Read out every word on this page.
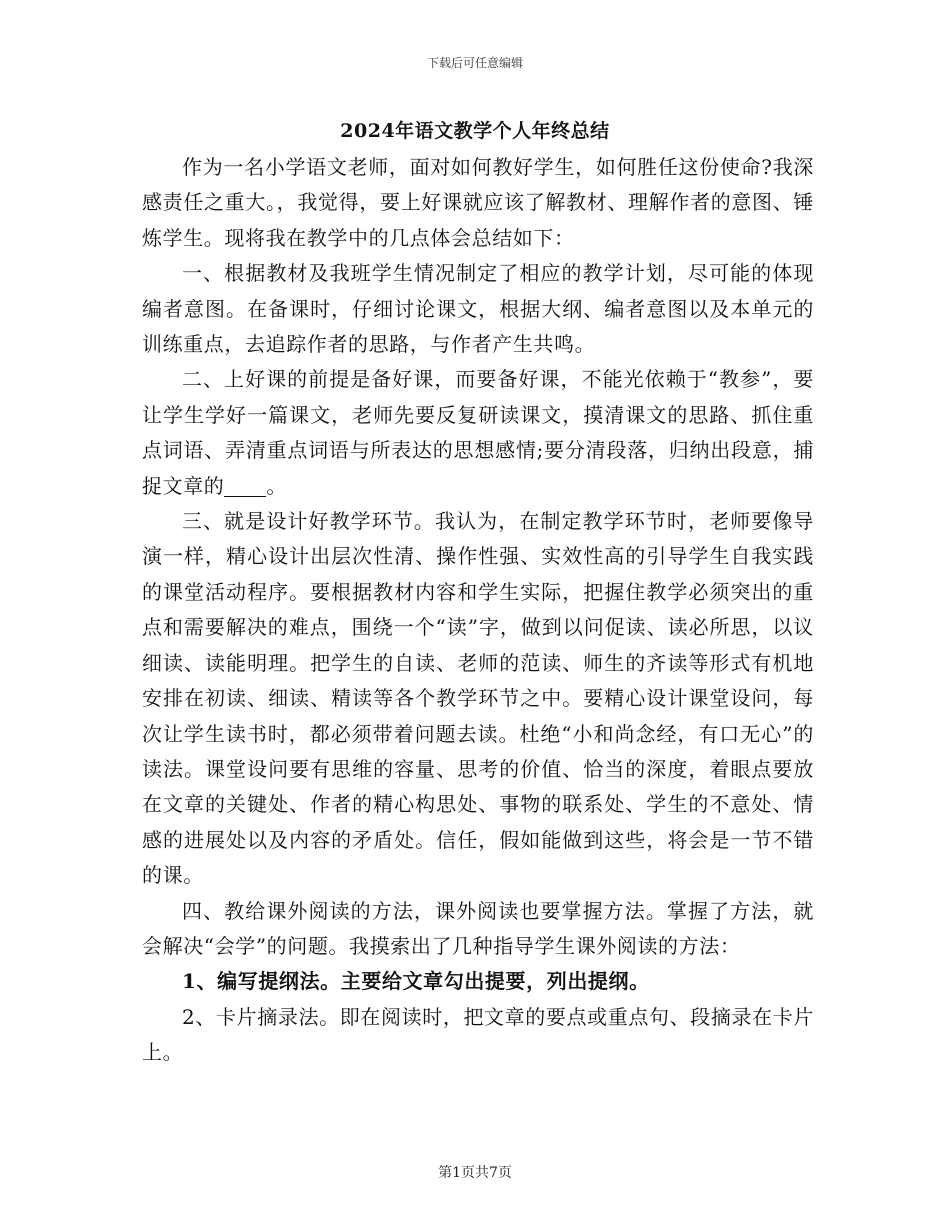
下载后可任意编辑
2024年语文教学个人年终总结

作为一名小学语文老师，面对如何教好学生，如何胜任这份使命?我深感责任之重大。，我觉得，要上好课就应该了解教材、理解作者的意图、锤炼学生。现将我在教学中的几点体会总结如下：

一、根据教材及我班学生情况制定了相应的教学计划，尽可能的体现编者意图。在备课时，仔细讨论课文，根据大纲、编者意图以及本单元的训练重点，去追踪作者的思路，与作者产生共鸣。

二、上好课的前提是备好课，而要备好课，不能光依赖于“教参”，要让学生学好一篇课文，老师先要反复研读课文，摸清课文的思路、抓住重点词语、弄清重点词语与所表达的思想感情;要分清段落，归纳出段意，捕捉文章的 。

三、就是设计好教学环节。我认为，在制定教学环节时，老师要像导演一样，精心设计出层次性清、操作性强、实效性高的引导学生自我实践的课堂活动程序。要根据教材内容和学生实际，把握住教学必须突出的重点和需要解决的难点，围绕一个“读”字，做到以问促读、读必所思，以议细读、读能明理。把学生的自读、老师的范读、师生的齐读等形式有机地安排在初读、细读、精读等各个教学环节之中。要精心设计课堂设问，每次让学生读书时，都必须带着问题去读。杜绝“小和尚念经，有口无心”的读法。课堂设问要有思维的容量、思考的价值、恰当的深度，着眼点要放在文章的关键处、作者的精心构思处、事物的联系处、学生的不意处、情感的进展处以及内容的矛盾处。信任，假如能做到这些，将会是一节不错的课。

四、教给课外阅读的方法，课外阅读也要掌握方法。掌握了方法，就会解决“会学”的问题。我摸索出了几种指导学生课外阅读的方法：

1、编写提纲法。主要给文章勾出提要，列出提纲。

2、卡片摘录法。即在阅读时，把文章的要点或重点句、段摘录在卡片上。

第1页共7页
